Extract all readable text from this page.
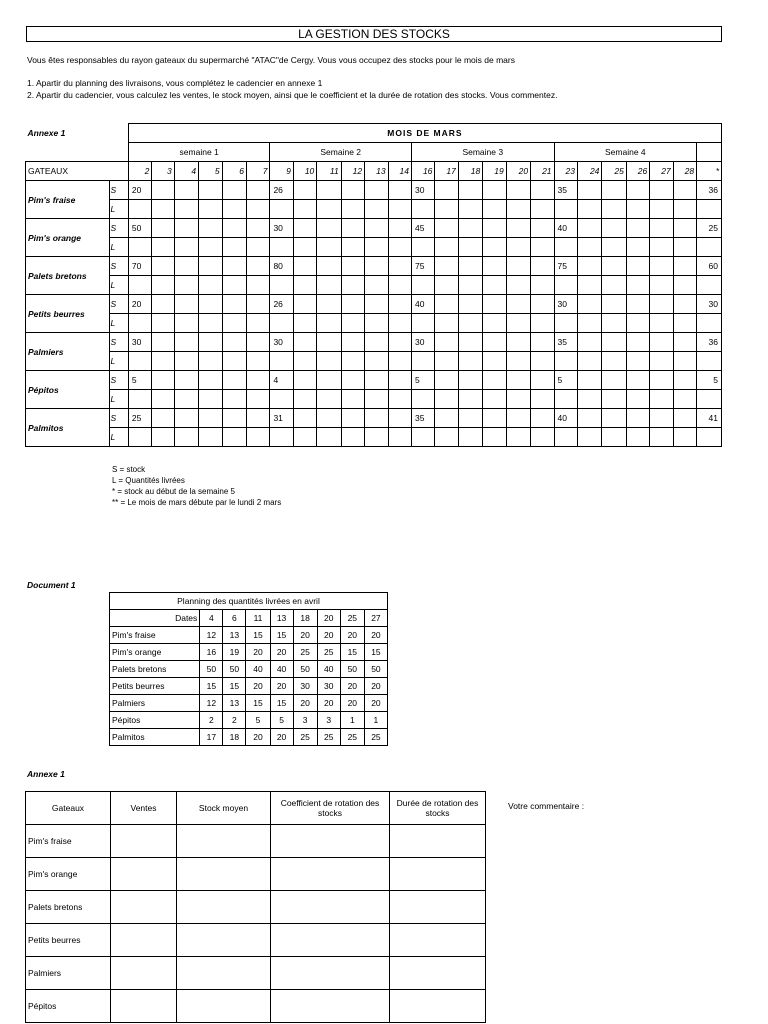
LA GESTION DES STOCKS
Vous êtes responsables du rayon gateaux du supermarché "ATAC"de Cergy. Vous vous occupez des stocks pour le mois de mars
1. Apartir du planning des livraisons, vous complétez le cadencier en annexe 1
2. Apartir du cadencier, vous calculez les ventes, le stock moyen, ainsi que le coefficient et la durée de rotation des stocks. Vous commentez.
Annexe 1		MOIS DE MARS																								
		semaine 1						Semaine 2						Semaine 3						Semaine 4						
GATEAUX		2	3	4	5	6	7	9	10	11	12	13	14	16	17	18	19	20	21	23	24	25	26	27	28	*
Pim's fraise	S	20						26						30						35						36
	L																									
Pim's orange	S	50						30						45						40						25
	L																									
Palets bretons	S	70						80						75						75						60
	L																									
Petits beurres	S	20						26						40						30						30
	L																									
Palmiers	S	30						30						30						35						36
	L																									
Pépitos	S	5						4						5						5						5
	L																									
Palmitos	S	25						31						35						40						41
	L																									
S = stock
L = Quantités livrées
* = stock au début de la semaine 5
** = Le mois de mars débute par le lundi 2 mars
Document 1
Planning des quantités livrées en avril								
Dates	4	6	11	13	18	20	25	27
Pim's fraise	12	13	15	15	20	20	20	20
Pim's orange	16	19	20	20	25	25	15	15
Palets bretons	50	50	40	40	50	40	50	50
Petits beurres	15	15	20	20	30	30	20	20
Palmiers	12	13	15	15	20	20	20	20
Pépitos	2	2	5	5	3	3	1	1
Palmitos	17	18	20	20	25	25	25	25
Annexe 1
Gateaux	Ventes	Stock moyen	Coefficient de rotation des stocks	Durée de rotation des stocks
Pim's fraise				
Pim's orange				
Palets bretons				
Petits beurres				
Palmiers				
Pépitos				
Votre commentaire :
